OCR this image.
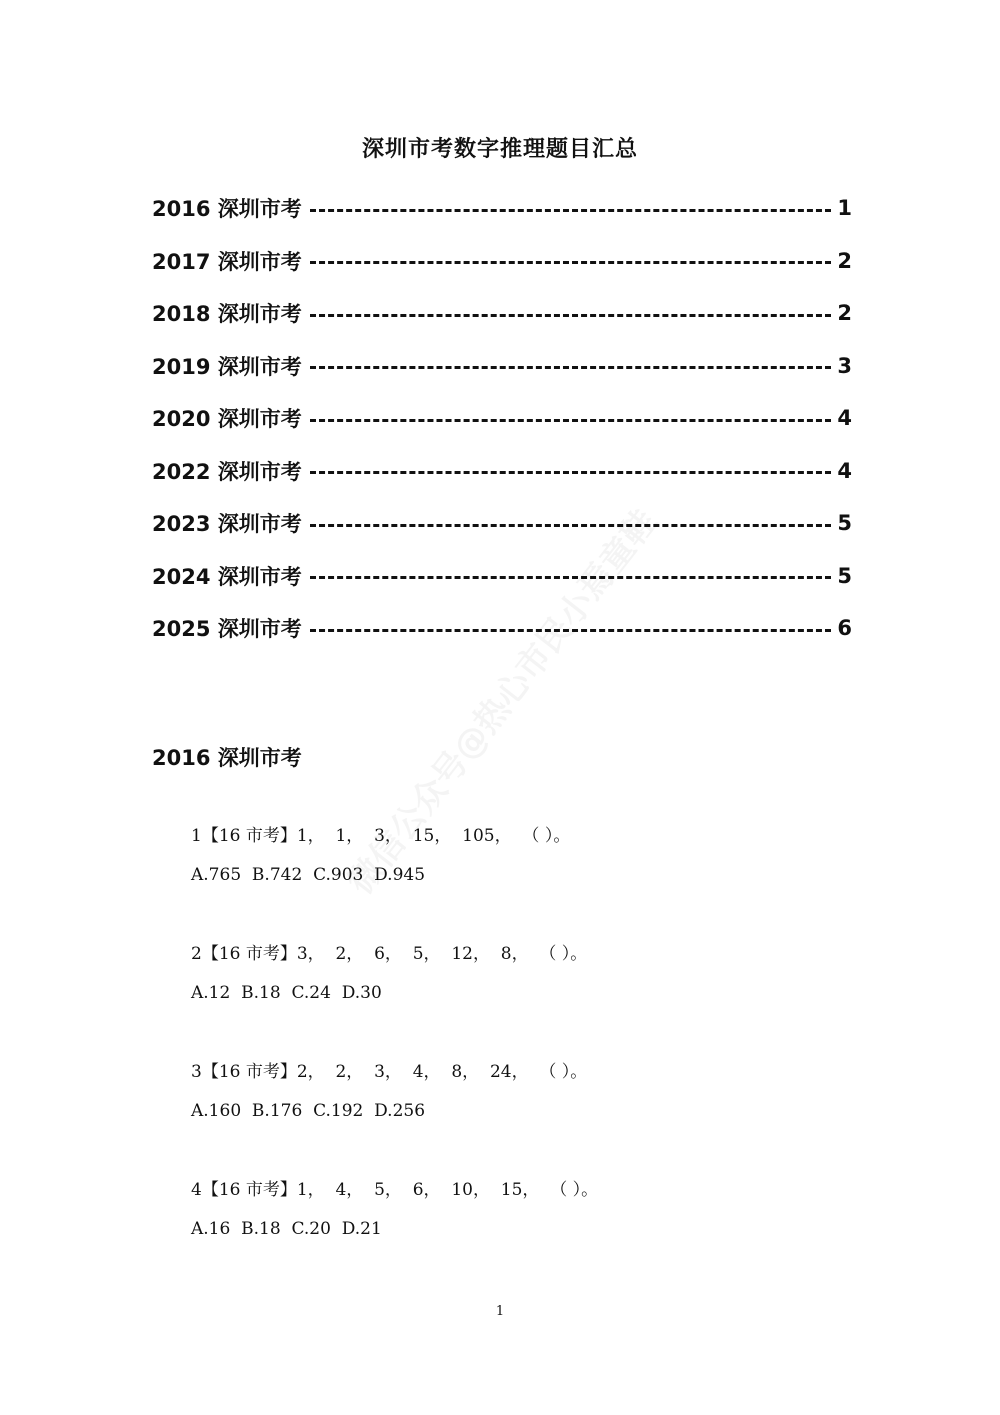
深圳市考数字推理题目汇总
2016 深圳市考	1
2017 深圳市考	2
2018 深圳市考	2
2019 深圳市考	3
2020 深圳市考	4
2022 深圳市考	4
2023 深圳市考	5
2024 深圳市考	5
2025 深圳市考	6
2016 深圳市考
1【16 市考】1，  1，  3，  15，  105，  （ ）。
A.765  B.742  C.903  D.945
2【16 市考】3，  2，  6，  5，  12，  8，  （ ）。
A.12  B.18  C.24  D.30
3【16 市考】2，  2，  3，  4，  8，  24，  （ ）。
A.160  B.176  C.192  D.256
4【16 市考】1，  4，  5，  6，  10，  15，  （ ）。
A.16  B.18  C.20  D.21
1
